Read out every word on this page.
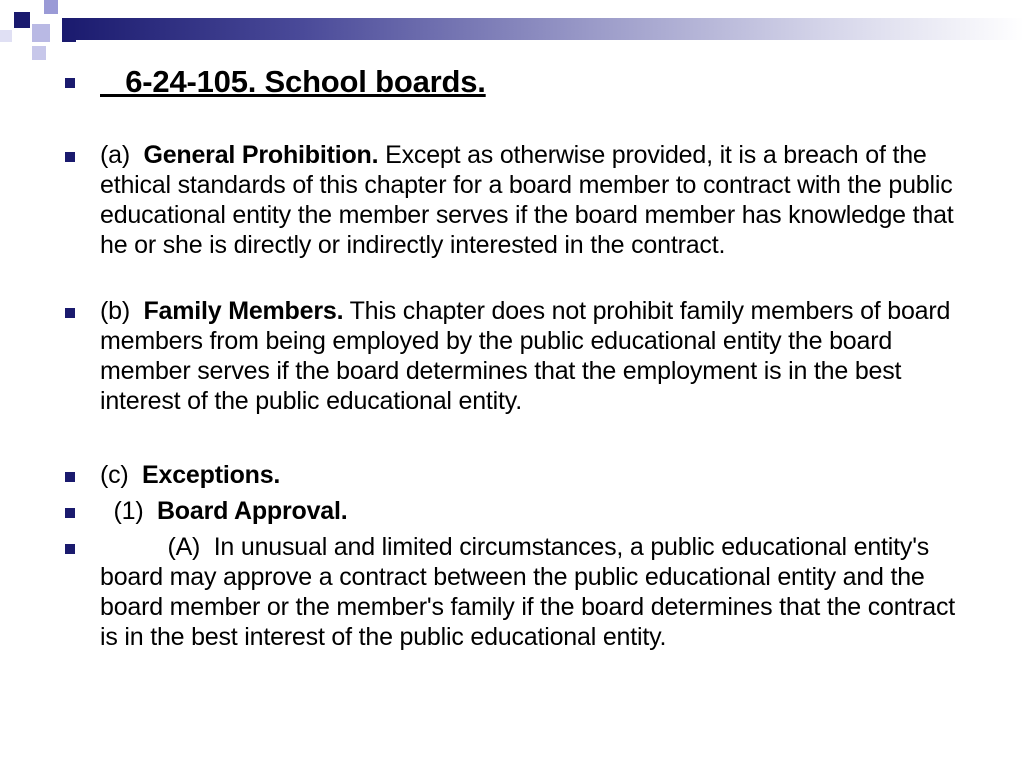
6-24-105. School boards.
(a)  General Prohibition. Except as otherwise provided, it is a breach of the ethical standards of this chapter for a board member to contract with the public educational entity the member serves if the board member has knowledge that he or she is directly or indirectly interested in the contract.
(b)  Family Members. This chapter does not prohibit family members of board members from being employed by the public educational entity the board member serves if the board determines that the employment is in the best interest of the public educational entity.
(c)  Exceptions.
(1)  Board Approval.
(A)  In unusual and limited circumstances, a public educational entity's board may approve a contract between the public educational entity and the board member or the member's family if the board determines that the contract is in the best interest of the public educational entity.
